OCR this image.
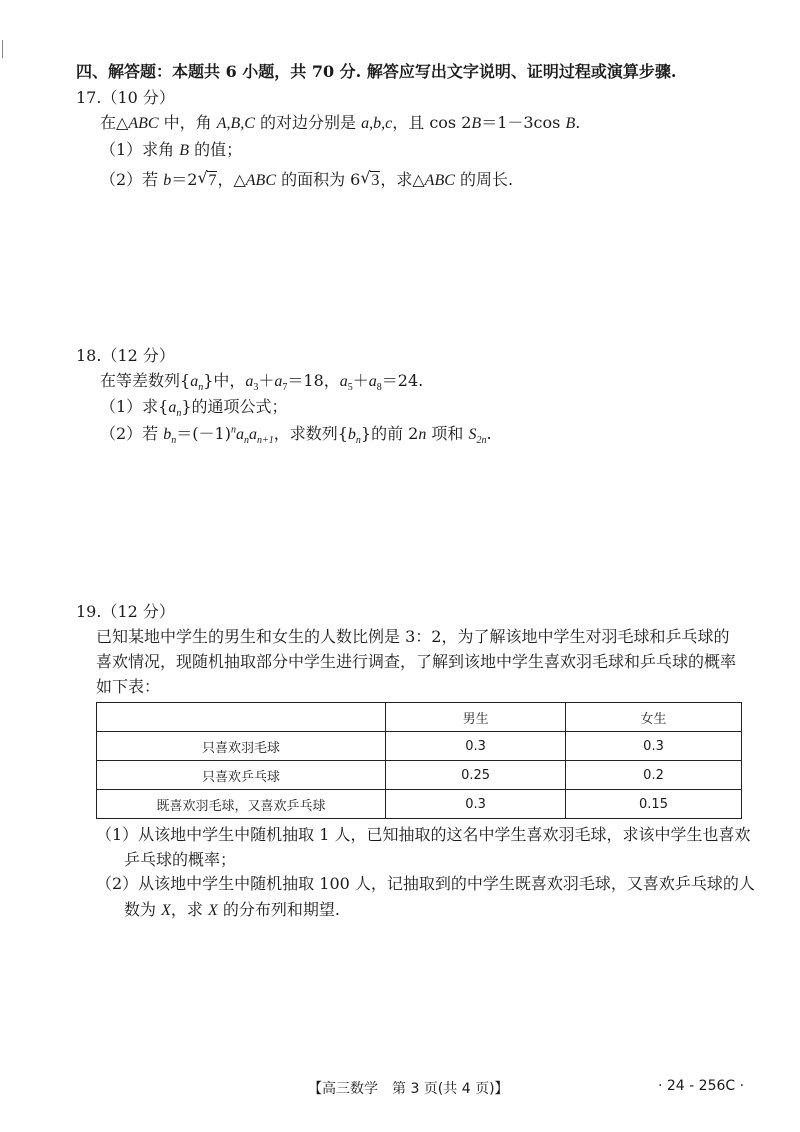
四、解答题：本题共 6 小题，共 70 分. 解答应写出文字说明、证明过程或演算步骤.
17.（10 分）
在△ABC 中，角 A,B,C 的对边分别是 a,b,c，且 cos 2B＝1－3cos B.
（1）求角 B 的值；
（2）若 b＝2 √ 7，△ABC 的面积为 6 √ 3，求△ABC 的周长.
18.（12 分）
在等差数列$\{a_n\}$中，$a_3+a_7=18$，$a_5+a_8=24$.
（1）求$\{a_n\}$的通项公式；
（2）若 $b_n=(-1)^na_na_{n+1}$，求数列$\{b_n\}$的前 2n 项和 $S_{2n}$.
19.（12 分）
已知某地中学生的男生和女生的人数比例是 3：2，为了解该地中学生对羽毛球和乒乓球的
喜欢情况，现随机抽取部分中学生进行调查，了解到该地中学生喜欢羽毛球和乒乓球的概率
如下表：
	男生	女生
只喜欢羽毛球	0.3	0.3
只喜欢乒乓球	0.25	0.2
既喜欢羽毛球，又喜欢乒乓球	0.3	0.15
（1）从该地中学生中随机抽取 1 人，已知抽取的这名中学生喜欢羽毛球，求该中学生也喜欢
乒乓球的概率；
（2）从该地中学生中随机抽取 100 人，记抽取到的中学生既喜欢羽毛球，又喜欢乒乓球的人
数为 X，求 X 的分布列和期望.
【高三数学　第 3 页(共 4 页)】	· 24 - 256C ·
